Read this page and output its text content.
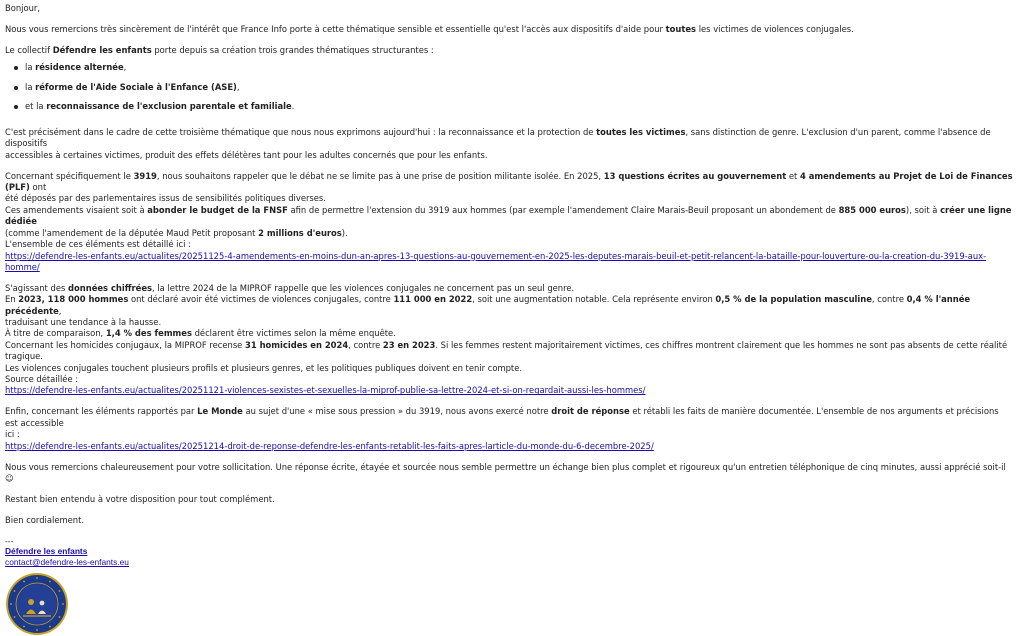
Bonjour,

Nous vous remercions très sincèrement de l'intérêt que France Info porte à cette thématique sensible et essentielle qu'est l'accès aux dispositifs d'aide pour toutes les victimes de violences conjugales.

Le collectif Défendre les enfants porte depuis sa création trois grandes thématiques structurantes :

la résidence alternée,
la réforme de l'Aide Sociale à l'Enfance (ASE),
et la reconnaissance de l'exclusion parentale et familiale.

C'est précisément dans le cadre de cette troisième thématique que nous nous exprimons aujourd'hui : la reconnaissance et la protection de toutes les victimes, sans distinction de genre. L'exclusion d'un parent, comme l'absence de dispositifs
accessibles à certaines victimes, produit des effets délétères tant pour les adultes concernés que pour les enfants.

Concernant spécifiquement le 3919, nous souhaitons rappeler que le débat ne se limite pas à une prise de position militante isolée. En 2025, 13 questions écrites au gouvernement et 4 amendements au Projet de Loi de Finances (PLF) ont
été déposés par des parlementaires issus de sensibilités politiques diverses.
Ces amendements visaient soit à abonder le budget de la FNSF afin de permettre l'extension du 3919 aux hommes (par exemple l'amendement Claire Marais-Beuil proposant un abondement de 885 000 euros), soit à créer une ligne dédiée
(comme l'amendement de la députée Maud Petit proposant 2 millions d'euros).
L'ensemble de ces éléments est détaillé ici :
https://defendre-les-enfants.eu/actualites/20251125-4-amendements-en-moins-dun-an-apres-13-questions-au-gouvernement-en-2025-les-deputes-marais-beuil-et-petit-relancent-la-bataille-pour-louverture-ou-la-creation-du-3919-aux-homme/

S'agissant des données chiffrées, la lettre 2024 de la MIPROF rappelle que les violences conjugales ne concernent pas un seul genre.
En 2023, 118 000 hommes ont déclaré avoir été victimes de violences conjugales, contre 111 000 en 2022, soit une augmentation notable. Cela représente environ 0,5 % de la population masculine, contre 0,4 % l'année précédente,
traduisant une tendance à la hausse.
À titre de comparaison, 1,4 % des femmes déclarent être victimes selon la même enquête.
Concernant les homicides conjugaux, la MIPROF recense 31 homicides en 2024, contre 23 en 2023. Si les femmes restent majoritairement victimes, ces chiffres montrent clairement que les hommes ne sont pas absents de cette réalité tragique.
Les violences conjugales touchent plusieurs profils et plusieurs genres, et les politiques publiques doivent en tenir compte.
Source détaillée :
https://defendre-les-enfants.eu/actualites/20251121-violences-sexistes-et-sexuelles-la-miprof-publie-sa-lettre-2024-et-si-on-regardait-aussi-les-hommes/

Enfin, concernant les éléments rapportés par Le Monde au sujet d'une « mise sous pression » du 3919, nous avons exercé notre droit de réponse et rétabli les faits de manière documentée. L'ensemble de nos arguments et précisions est accessible
ici :
https://defendre-les-enfants.eu/actualites/20251214-droit-de-reponse-defendre-les-enfants-retablit-les-faits-apres-larticle-du-monde-du-6-decembre-2025/

Nous vous remercions chaleureusement pour votre sollicitation. Une réponse écrite, étayée et sourcée nous semble permettre un échange bien plus complet et rigoureux qu'un entretien téléphonique de cinq minutes, aussi apprécié soit-il ☺

Restant bien entendu à votre disposition pour tout complément.

Bien cordialement.

---
Défendre les enfants
contact@defendre-les-enfants.eu
